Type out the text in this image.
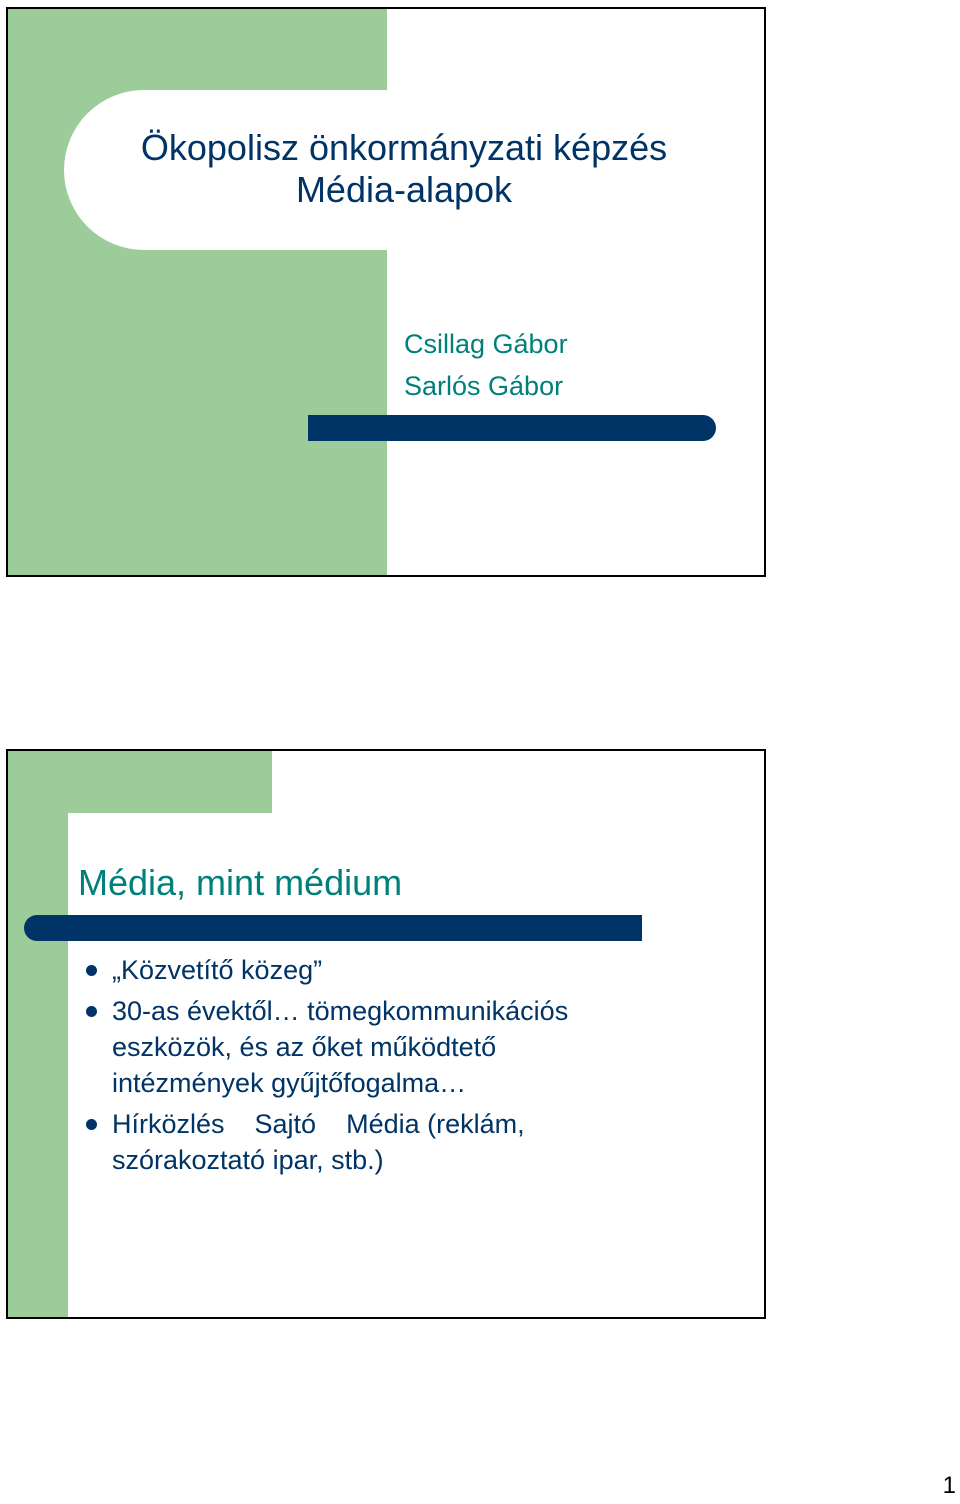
Ökopolisz önkormányzati képzés
Média-alapok
Csillag Gábor
Sarlós Gábor
Média, mint médium
„Közvetítő közeg”
30-as évektől… tömegkommunikációs eszközök, és az őket működtető intézmények gyűjtőfogalma…
Hírközlés    Sajtó    Média (reklám, szórakoztató ipar, stb.)
1
